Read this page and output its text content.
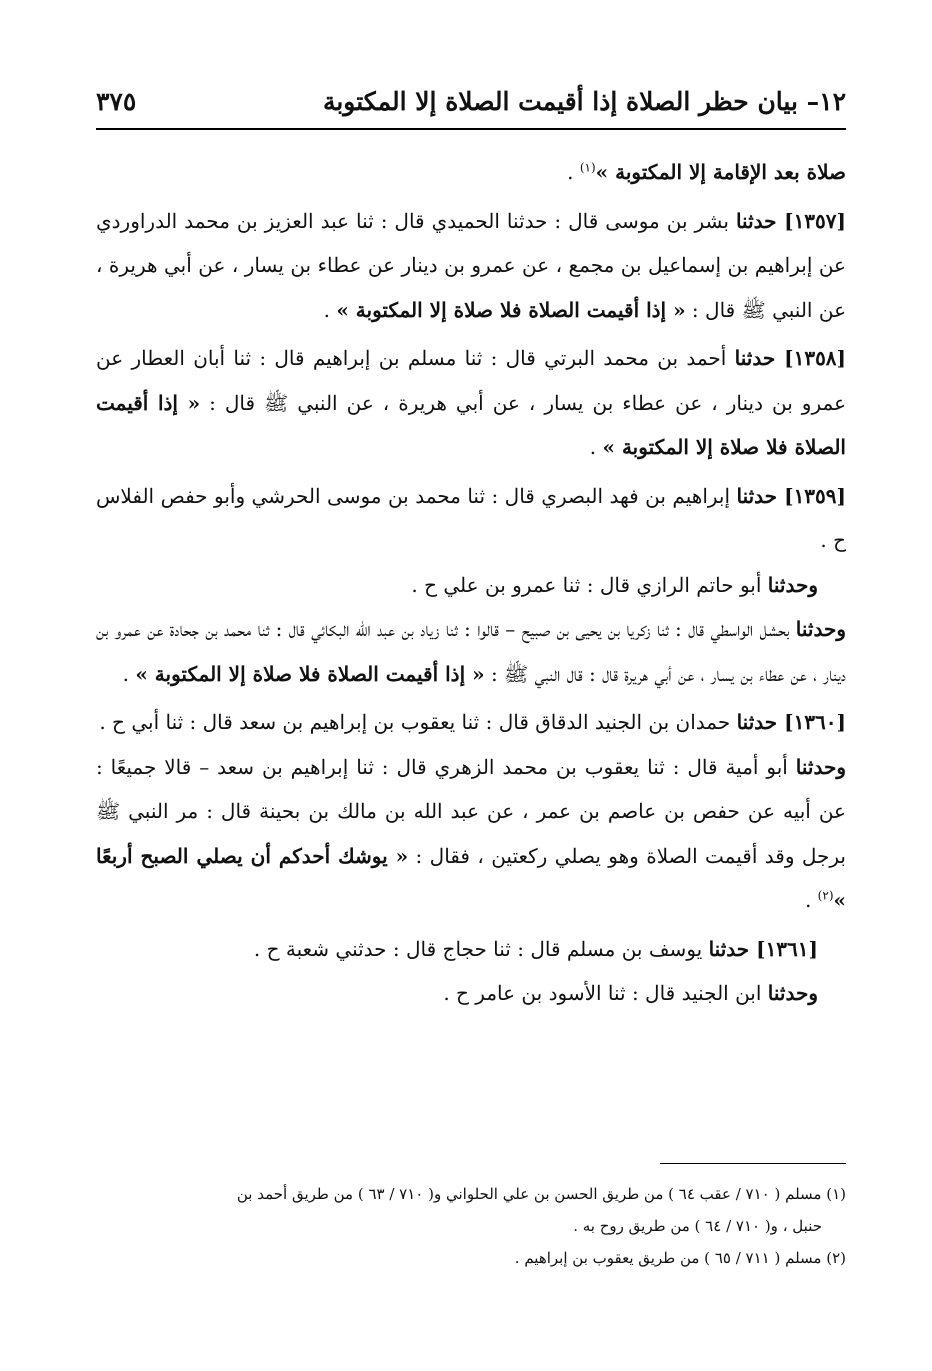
١٢– بيان حظر الصلاة إذا أقيمت الصلاة إلا المكتوبة
٣٧٥

صلاة بعد الإقامة إلا المكتوبة »$^{(١)}$ .

[١٣٥٧] حدثنا بشر بن موسى قال : حدثنا الحميدي قال : ثنا عبد العزيز بن محمد الدراوردي عن إبراهيم بن إسماعيل بن مجمع ، عن عمرو بن دينار عن عطاء بن يسار ، عن أبي هريرة ، عن النبي ﷺ قال : « إذا أقيمت الصلاة فلا صلاة إلا المكتوبة » .

[١٣٥٨] حدثنا أحمد بن محمد البرتي قال : ثنا مسلم بن إبراهيم قال : ثنا أبان العطار عن عمرو بن دينار ، عن عطاء بن يسار ، عن أبي هريرة ، عن النبي ﷺ قال : « إذا أقيمت الصلاة فلا صلاة إلا المكتوبة » .

[١٣٥٩] حدثنا إبراهيم بن فهد البصري قال : ثنا محمد بن موسى الحرشي وأبو حفص الفلاس ح .

وحدثنا أبو حاتم الرازي قال : ثنا عمرو بن علي ح .

وحدثنا بحشل الواسطي قال : ثنا زكريا بن يحيى بن صبيح – قالوا : ثنا زياد بن عبد الله البكائي قال : ثنا محمد بن جحادة عن عمرو بن دينار ، عن عطاء بن يسار ، عن أبي هريرة قال : قال النبي ﷺ : « إذا أقيمت الصلاة فلا صلاة إلا المكتوبة » .

[١٣٦٠] حدثنا حمدان بن الجنيد الدقاق قال : ثنا يعقوب بن إبراهيم بن سعد قال : ثنا أبي ح .

وحدثنا أبو أمية قال : ثنا يعقوب بن محمد الزهري قال : ثنا إبراهيم بن سعد – قالا جميعًا : عن أبيه عن حفص بن عاصم بن عمر ، عن عبد الله بن مالك بن بحينة قال : مر النبي ﷺ برجل وقد أقيمت الصلاة وهو يصلي ركعتين ، فقال : « يوشك أحدكم أن يصلي الصبح أربعًا »$^{(٢)}$ .

[١٣٦١] حدثنا يوسف بن مسلم قال : ثنا حجاج قال : حدثني شعبة ح .

وحدثنا ابن الجنيد قال : ثنا الأسود بن عامر ح .

(١) مسلم ( ٧١٠ / عقب ٦٤ ) من طريق الحسن بن علي الحلواني و( ٧١٠ / ٦٣ ) من طريق أحمد بن

حنبل ، و( ٧١٠ / ٦٤ ) من طريق روح به .

(٢) مسلم ( ٧١١ / ٦٥ ) من طريق يعقوب بن إبراهيم .
